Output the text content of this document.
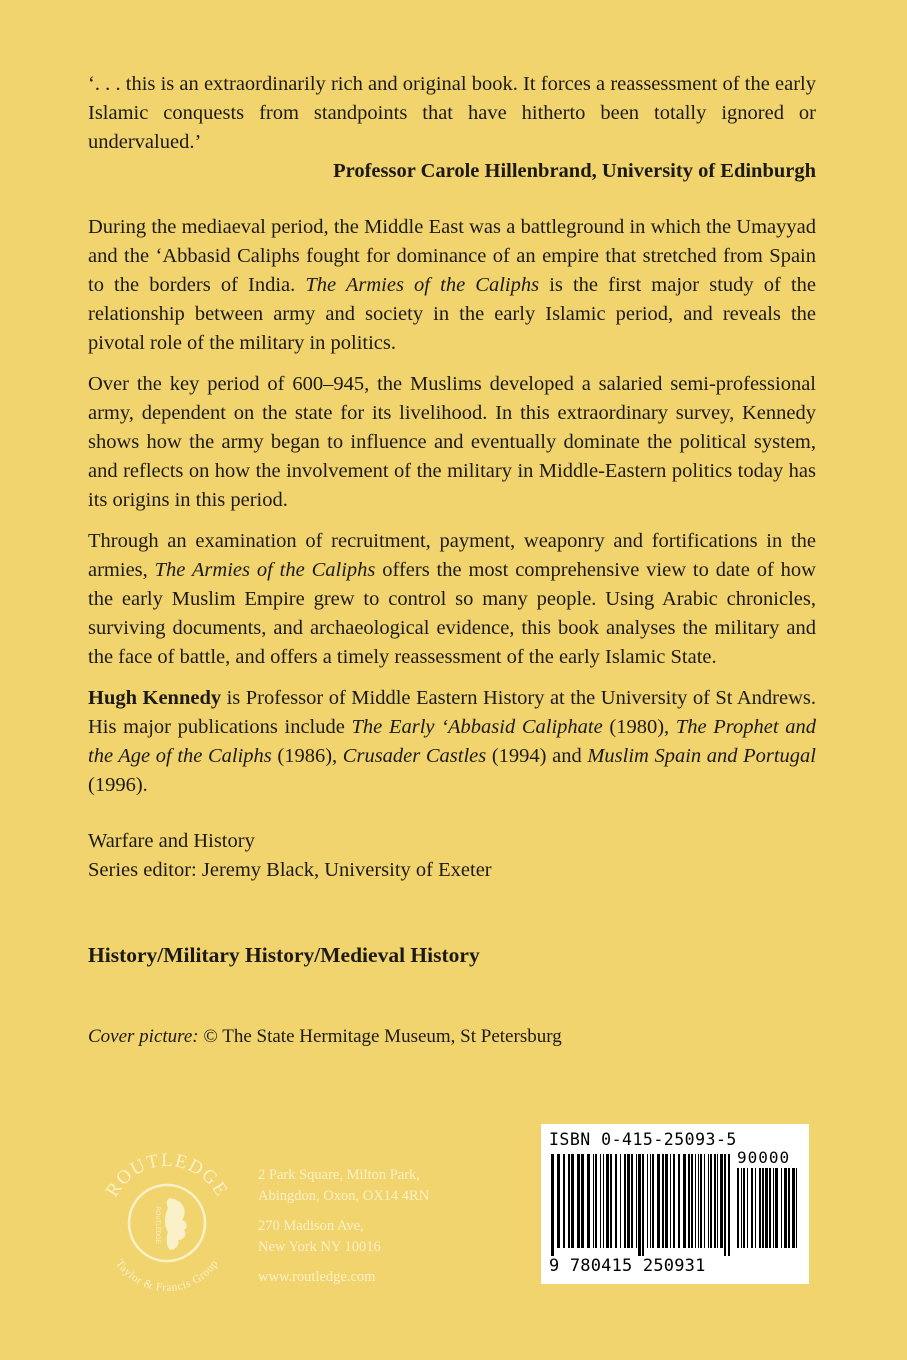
‘. . . this is an extraordinarily rich and original book. It forces a reassessment of the early Islamic conquests from standpoints that have hitherto been totally ignored or undervalued.’

Professor Carole Hillenbrand, University of Edinburgh

During the mediaeval period, the Middle East was a battleground in which the Umayyad and the ‘Abbasid Caliphs fought for dominance of an empire that stretched from Spain to the borders of India. The Armies of the Caliphs is the first major study of the relationship between army and society in the early Islamic period, and reveals the pivotal role of the military in politics.

Over the key period of 600–945, the Muslims developed a salaried semi-professional army, dependent on the state for its livelihood. In this extraordinary survey, Kennedy shows how the army began to influence and eventually dominate the political system, and reflects on how the involvement of the military in Middle-Eastern politics today has its origins in this period.

Through an examination of recruitment, payment, weaponry and fortifications in the armies, The Armies of the Caliphs offers the most comprehensive view to date of how the early Muslim Empire grew to control so many people. Using Arabic chronicles, surviving documents, and archaeological evidence, this book analyses the military and the face of battle, and offers a timely reassessment of the early Islamic State.

Hugh Kennedy is Professor of Middle Eastern History at the University of St Andrews. His major publications include The Early ‘Abbasid Caliphate (1980), The Prophet and the Age of the Caliphs (1986), Crusader Castles (1994) and Muslim Spain and Portugal (1996).

Warfare and History
Series editor: Jeremy Black, University of Exeter

History/Military History/Medieval History

Cover picture: © The State Hermitage Museum, St Petersburg

ROUTLEDGE
Taylor & Francis Group
ROUTLEDGE
2 Park Square, Milton Park,
Abingdon, Oxon, OX14 4RN
270 Madison Ave,
New York NY 10016
www.routledge.com
ISBN 0-415-25093-5
90000
9 780415 250931
